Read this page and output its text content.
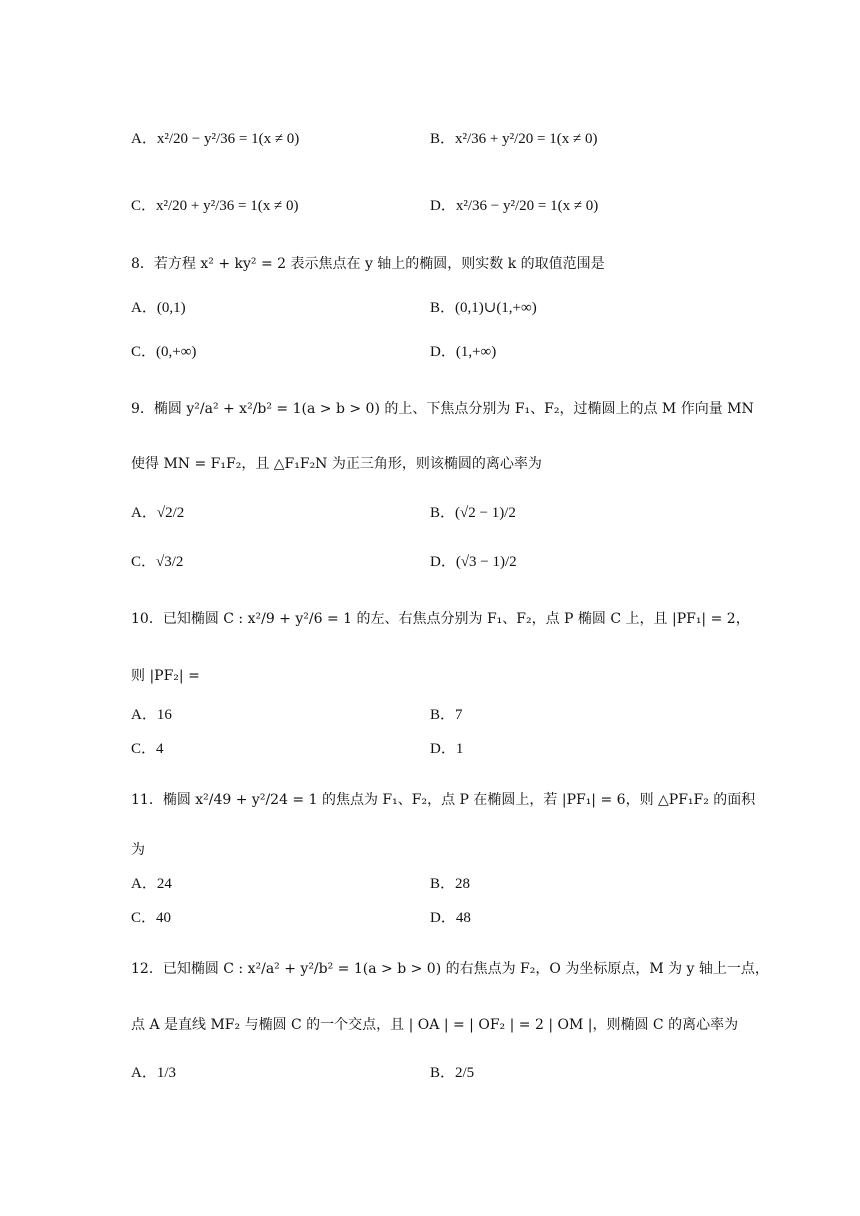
A．x²/20 − y²/36 = 1(x ≠ 0)	B．x²/36 + y²/20 = 1(x ≠ 0)
C．x²/20 + y²/36 = 1(x ≠ 0)	D．x²/36 − y²/20 = 1(x ≠ 0)
8．若方程 x² + ky² = 2 表示焦点在 y 轴上的椭圆，则实数 k 的取值范围是
A．(0,1)	B．(0,1)∪(1,+∞)
C．(0,+∞)	D．(1,+∞)
9．椭圆 y²/a² + x²/b² = 1(a > b > 0) 的上、下焦点分别为 F₁、F₂，过椭圆上的点 M 作向量 MN
使得 MN = F₁F₂，且 △F₁F₂N 为正三角形，则该椭圆的离心率为
A．√2/2	B．(√2 − 1)/2
C．√3/2	D．(√3 − 1)/2
10．已知椭圆 C : x²/9 + y²/6 = 1 的左、右焦点分别为 F₁、F₂，点 P 椭圆 C 上，且 |PF₁| = 2，
则 |PF₂| =
A．16	B．7
C．4	D．1
11．椭圆 x²/49 + y²/24 = 1 的焦点为 F₁、F₂，点 P 在椭圆上，若 |PF₁| = 6，则 △PF₁F₂ 的面积
为
A．24	B．28
C．40	D．48
12．已知椭圆 C : x²/a² + y²/b² = 1(a > b > 0) 的右焦点为 F₂，O 为坐标原点，M 为 y 轴上一点，
点 A 是直线 MF₂ 与椭圆 C 的一个交点，且 | OA | = | OF₂ | = 2 | OM |，则椭圆 C 的离心率为
A．1/3	B．2/5
